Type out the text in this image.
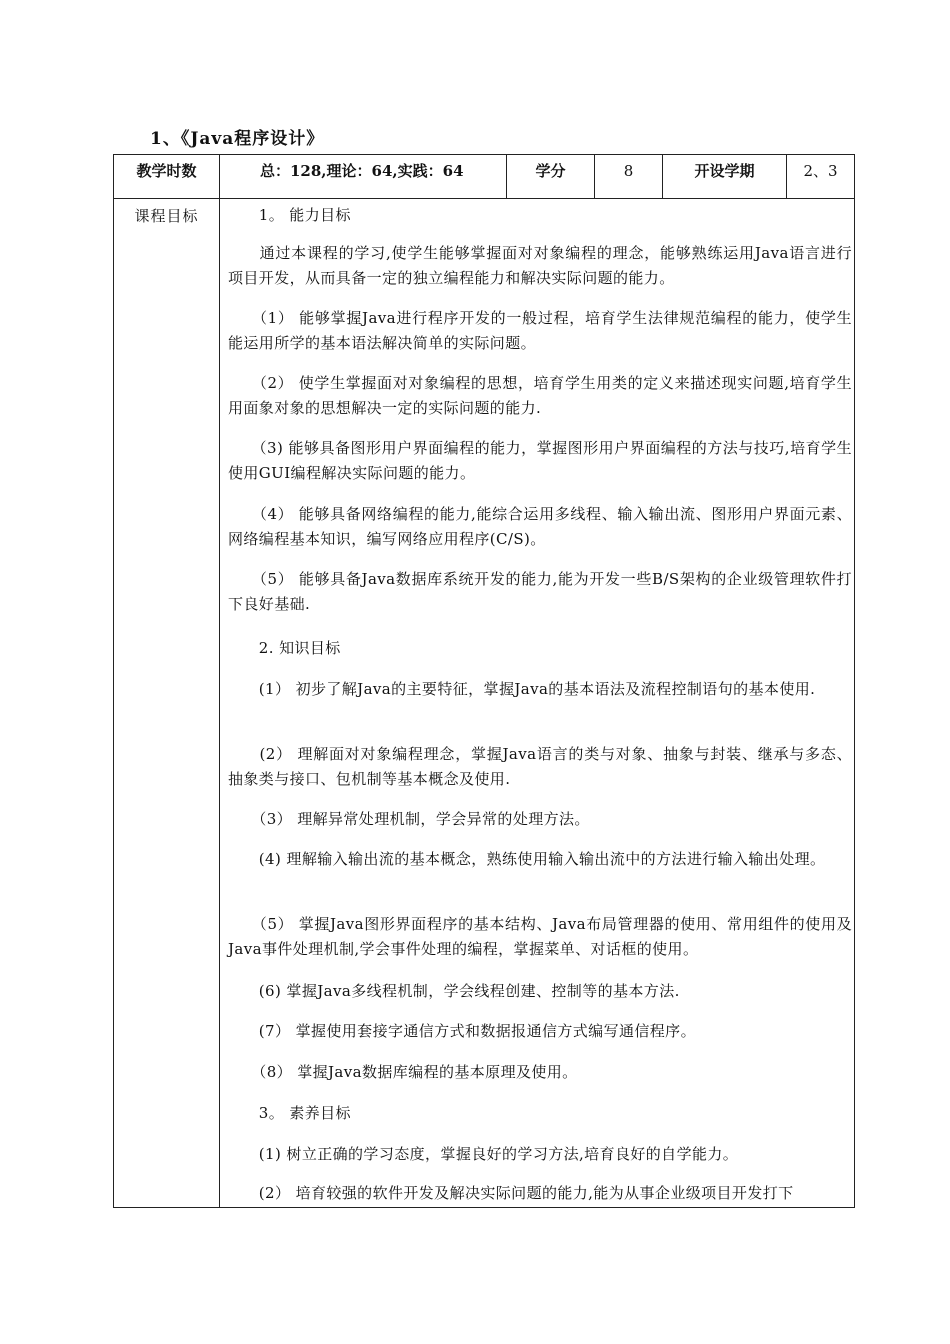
1、《Java程序设计》
教学时数	总：128,理论：64,实践：64	学分	8	开设学期	2、3
课程目标	　　1。 能力目标
　　通过本课程的学习,使学生能够掌握面对对象编程的理念，能够熟练运用Java语言进行项目开发，从而具备一定的独立编程能力和解决实际问题的能力。
　　（1） 能够掌握Java进行程序开发的一般过程，培育学生法律规范编程的能力，使学生能运用所学的基本语法解决简单的实际问题。
　　（2） 使学生掌握面对对象编程的思想，培育学生用类的定义来描述现实问题,培育学生用面象对象的思想解决一定的实际问题的能力.
　　（3) 能够具备图形用户界面编程的能力，掌握图形用户界面编程的方法与技巧,培育学生使用GUI编程解决实际问题的能力。
　　（4） 能够具备网络编程的能力,能综合运用多线程、输入输出流、图形用户界面元素、网络编程基本知识，编写网络应用程序(C/S)。
　　（5） 能够具备Java数据库系统开发的能力,能为开发一些B/S架构的企业级管理软件打下良好基础.
　　2. 知识目标
　　(1） 初步了解Java的主要特征，掌握Java的基本语法及流程控制语句的基本使用.
　　(2） 理解面对对象编程理念，掌握Java语言的类与对象、抽象与封装、继承与多态、抽象类与接口、包机制等基本概念及使用.
　　（3） 理解异常处理机制，学会异常的处理方法。
　　(4) 理解输入输出流的基本概念，熟练使用输入输出流中的方法进行输入输出处理。
　　（5） 掌握Java图形界面程序的基本结构、Java布局管理器的使用、常用组件的使用及Java事件处理机制,学会事件处理的编程，掌握菜单、对话框的使用。
　　(6) 掌握Java多线程机制，学会线程创建、控制等的基本方法.
　　(7） 掌握使用套接字通信方式和数据报通信方式编写通信程序。
　　（8） 掌握Java数据库编程的基本原理及使用。
　　3。 素养目标
　　(1) 树立正确的学习态度，掌握良好的学习方法,培育良好的自学能力。
　　(2） 培育较强的软件开发及解决实际问题的能力,能为从事企业级项目开发打下
